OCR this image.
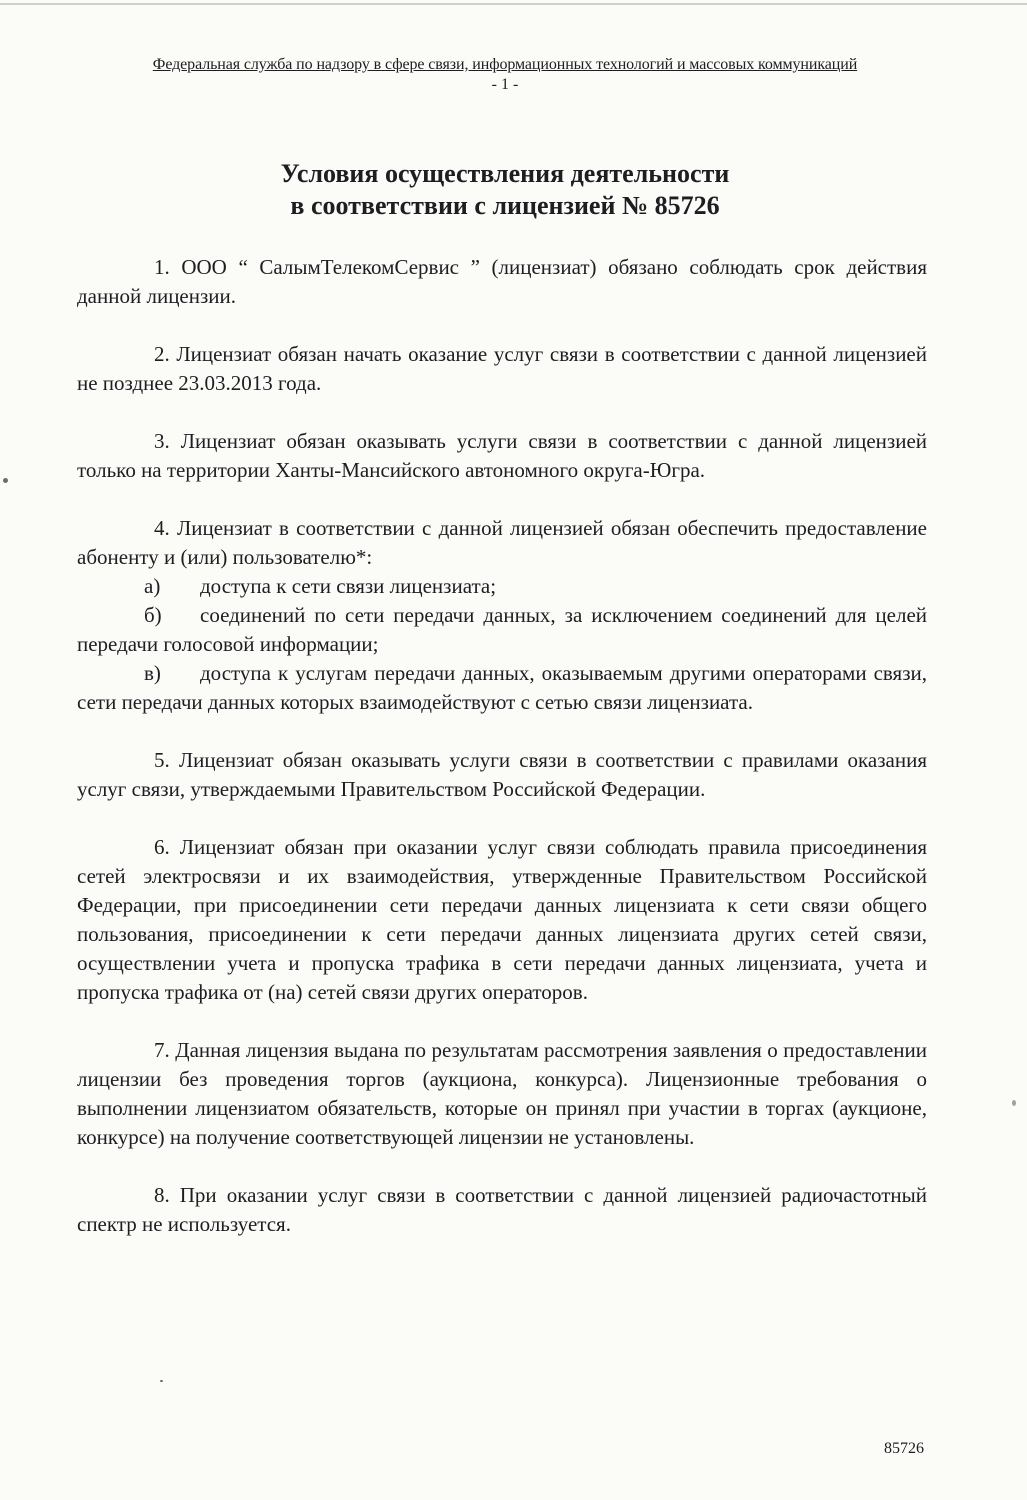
Федеральная служба по надзору в сфере связи, информационных технологий и массовых коммуникаций
- 1 -
Условия осуществления деятельности
в соответствии с лицензией № 85726

1. ООО “ СалымТелекомСервис ” (лицензиат) обязано соблюдать срок действия данной лицензии.

2. Лицензиат обязан начать оказание услуг связи в соответствии с данной лицензией не позднее 23.03.2013 года.

3. Лицензиат обязан оказывать услуги связи в соответствии с данной лицензией только на территории Ханты-Мансийского автономного округа-Югра.

4. Лицензиат в соответствии с данной лицензией обязан обеспечить предоставление абоненту и (или) пользователю*:

а)	доступа к сети связи лицензиата;

б) соединений по сети передачи данных, за исключением соединений для целей передачи голосовой информации;

в) доступа к услугам передачи данных, оказываемым другими операторами связи, сети передачи данных которых взаимодействуют с сетью связи лицензиата.

5. Лицензиат обязан оказывать услуги связи в соответствии с правилами оказания услуг связи, утверждаемыми Правительством Российской Федерации.

6. Лицензиат обязан при оказании услуг связи соблюдать правила присоединения сетей электросвязи и их взаимодействия, утвержденные Правительством Российской Федерации, при присоединении сети передачи данных лицензиата к сети связи общего пользования, присоединении к сети передачи данных лицензиата других сетей связи, осуществлении учета и пропуска трафика в сети передачи данных лицензиата, учета и пропуска трафика от (на) сетей связи других операторов.

7. Данная лицензия выдана по результатам рассмотрения заявления о предоставлении лицензии без проведения торгов (аукциона, конкурса). Лицензионные требования о выполнении лицензиатом обязательств, которые он принял при участии в торгах (аукционе, конкурсе) на получение соответствующей лицензии не установлены.

8. При оказании услуг связи в соответствии с данной лицензией радиочастотный спектр не используется.

85726
